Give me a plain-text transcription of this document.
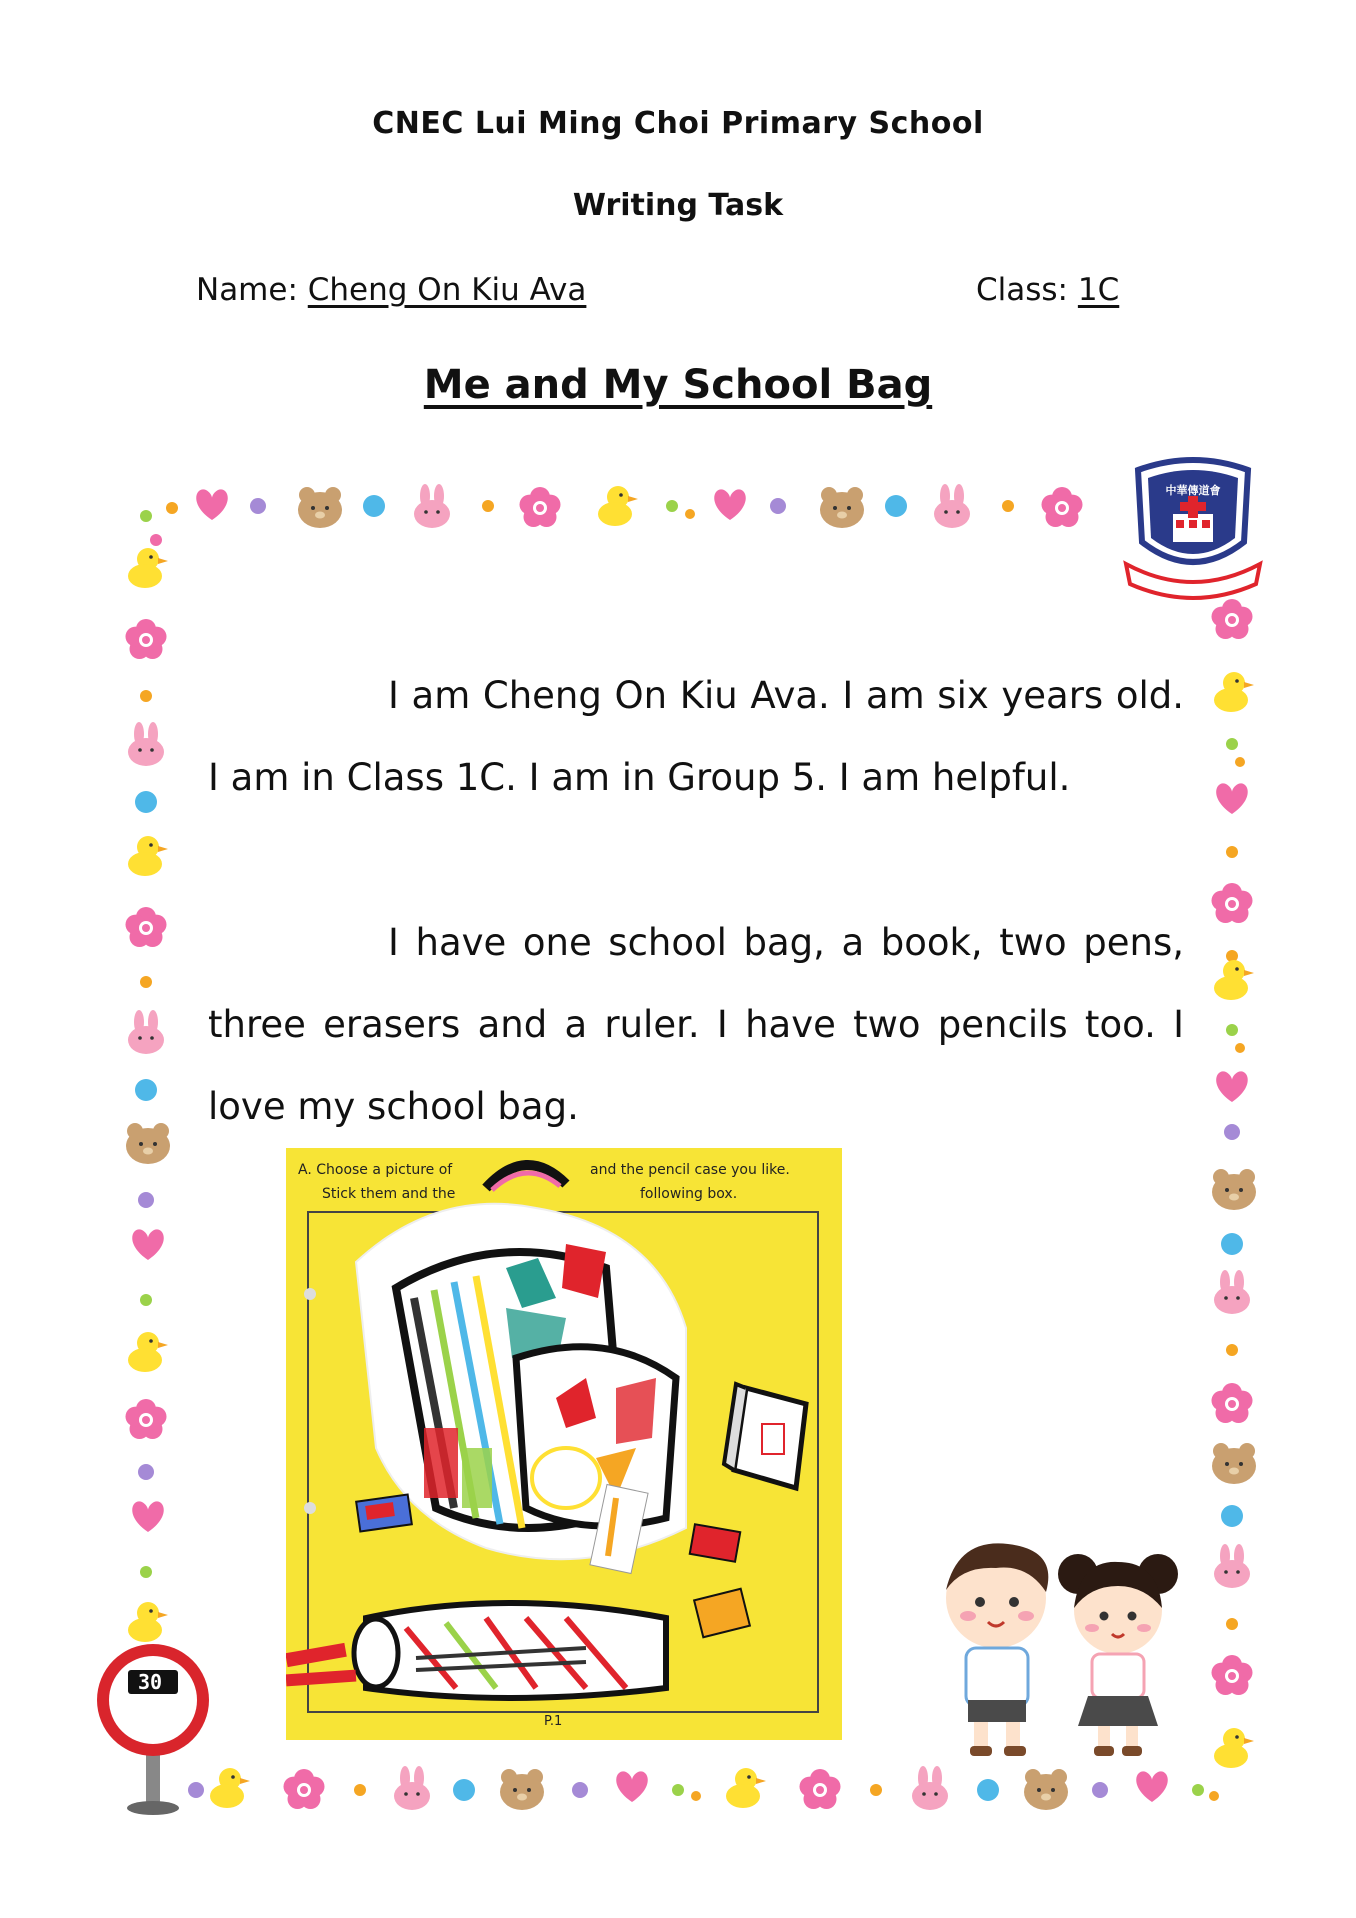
CNEC Lui Ming Choi Primary School
Writing Task
Name: Cheng On Kiu Ava	Class: 1C
Me and My School Bag
中華傳道會
I am Cheng On Kiu Ava. I am six years old. I am in Class 1C. I am in Group 5. I am helpful.
I have one school bag, a book, two pens, three erasers and a ruler. I have two pencils too. I love my school bag.
A. Choose a picture of	and the pencil case you like.
Stick them and the	following box.
P.1
30
